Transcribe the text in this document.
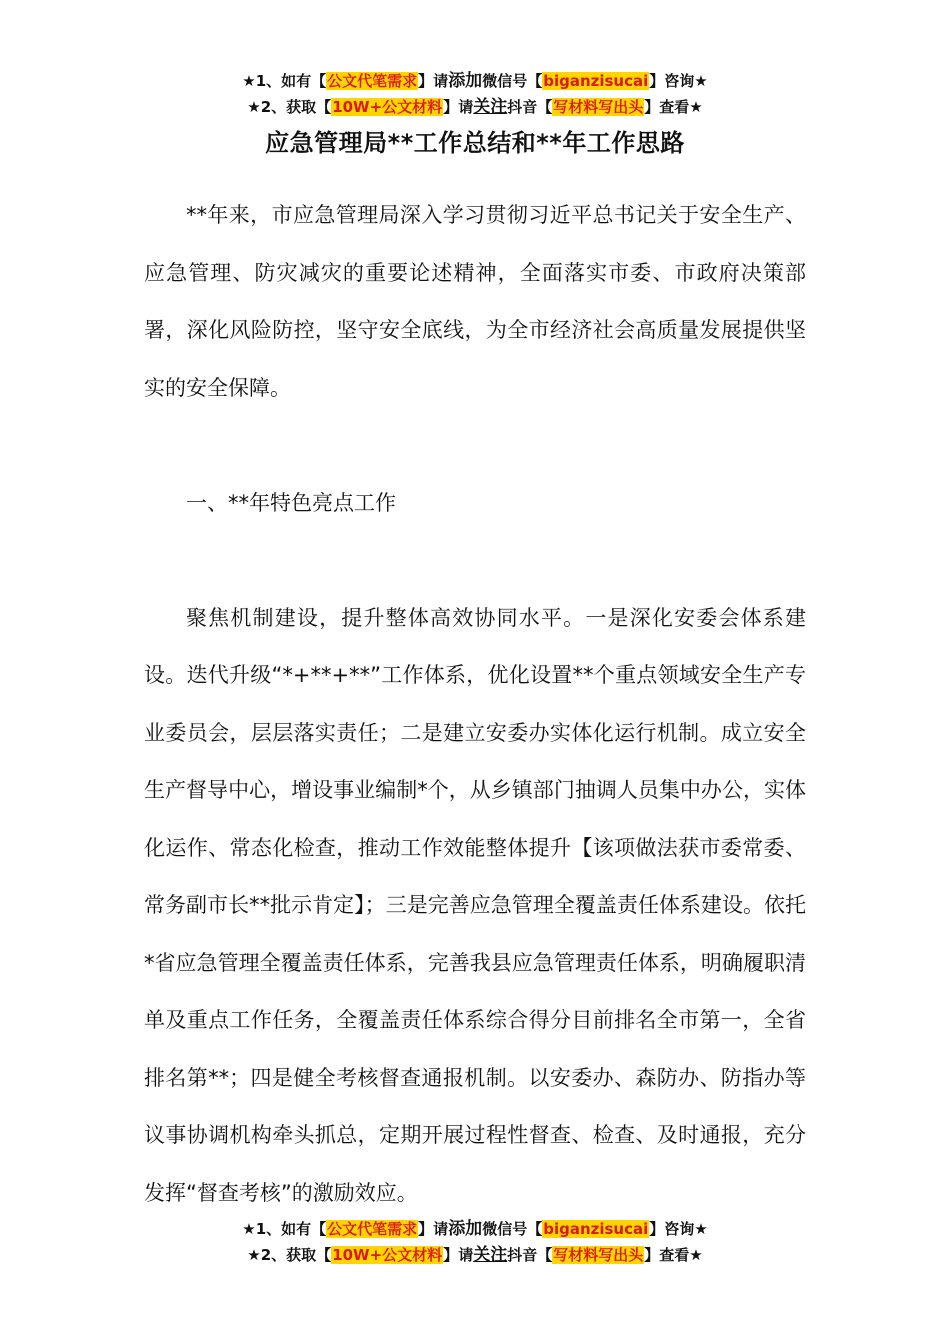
★1、如有【公文代笔需求】请添加微信号【biganzisucai】咨询★
★2、获取【10W+公文材料】请关注抖音【写材料写出头】查看★
应急管理局**工作总结和**年工作思路

**年来，市应急管理局深入学习贯彻习近平总书记关于安全生产、应急管理、防灾减灾的重要论述精神，全面落实市委、市政府决策部署，深化风险防控，坚守安全底线，为全市经济社会高质量发展提供坚实的安全保障。

一、**年特色亮点工作

聚焦机制建设，提升整体高效协同水平。一是深化安委会体系建设。迭代升级“*+**+**”工作体系，优化设置**个重点领域安全生产专业委员会，层层落实责任；二是建立安委办实体化运行机制。成立安全生产督导中心，增设事业编制*个，从乡镇部门抽调人员集中办公，实体化运作、常态化检查，推动工作效能整体提升【该项做法获市委常委、常务副市长**批示肯定】；三是完善应急管理全覆盖责任体系建设。依托*省应急管理全覆盖责任体系，完善我县应急管理责任体系，明确履职清单及重点工作任务，全覆盖责任体系综合得分目前排名全市第一，全省排名第**；四是健全考核督查通报机制。以安委办、森防办、防指办等议事协调机构牵头抓总，定期开展过程性督查、检查、及时通报，充分发挥“督查考核”的激励效应。

★1、如有【公文代笔需求】请添加微信号【biganzisucai】咨询★
★2、获取【10W+公文材料】请关注抖音【写材料写出头】查看★
